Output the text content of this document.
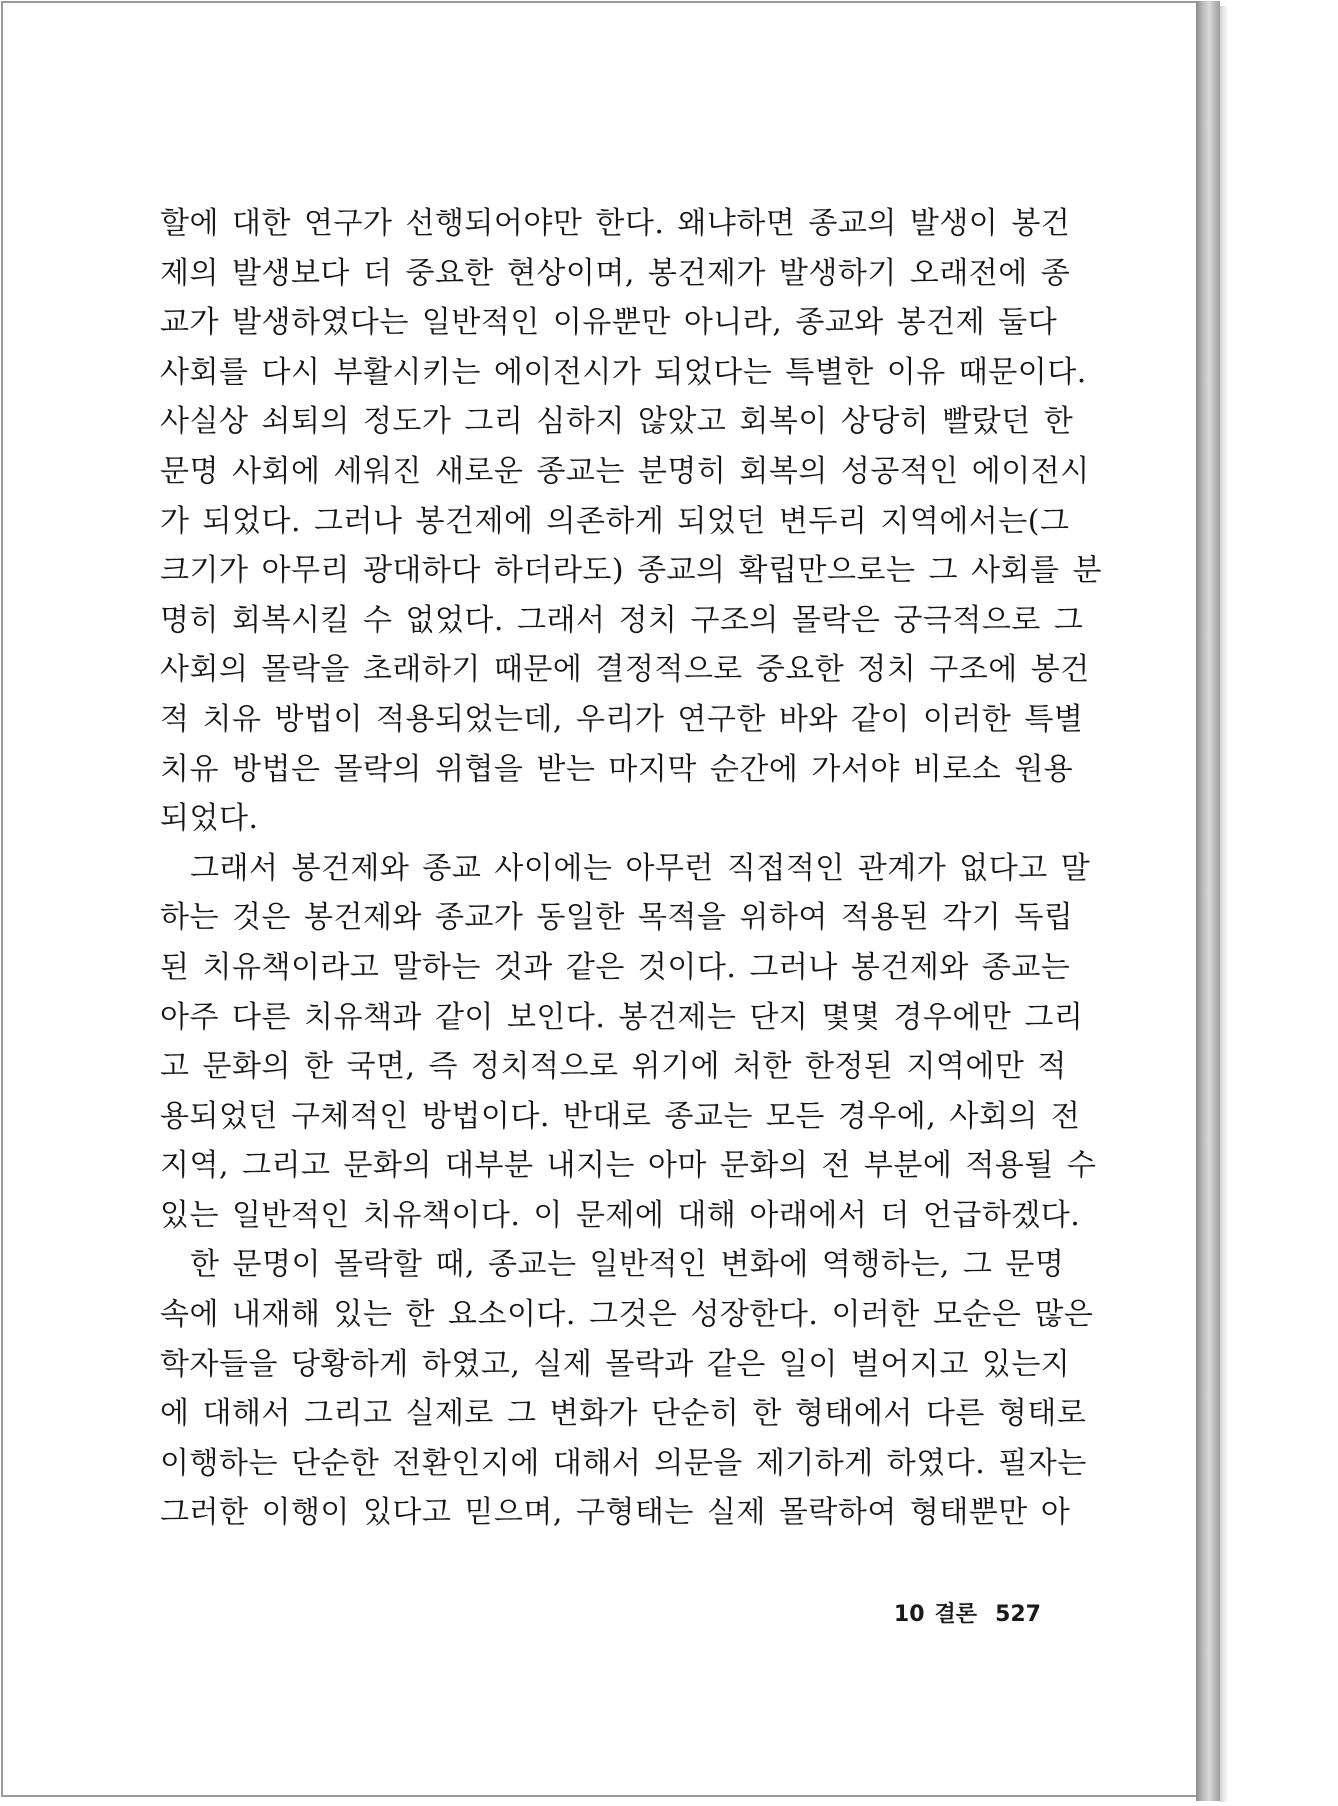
할에 대한 연구가 선행되어야만 한다. 왜냐하면 종교의 발생이 봉건
제의 발생보다 더 중요한 현상이며, 봉건제가 발생하기 오래전에 종
교가 발생하였다는 일반적인 이유뿐만 아니라, 종교와 봉건제 둘다
사회를 다시 부활시키는 에이전시가 되었다는 특별한 이유 때문이다.
사실상 쇠퇴의 정도가 그리 심하지 않았고 회복이 상당히 빨랐던 한
문명 사회에 세워진 새로운 종교는 분명히 회복의 성공적인 에이전시
가 되었다. 그러나 봉건제에 의존하게 되었던 변두리 지역에서는(그
크기가 아무리 광대하다 하더라도) 종교의 확립만으로는 그 사회를 분
명히 회복시킬 수 없었다. 그래서 정치 구조의 몰락은 궁극적으로 그
사회의 몰락을 초래하기 때문에 결정적으로 중요한 정치 구조에 봉건
적 치유 방법이 적용되었는데, 우리가 연구한 바와 같이 이러한 특별
치유 방법은 몰락의 위협을 받는 마지막 순간에 가서야 비로소 원용
되었다.
그래서 봉건제와 종교 사이에는 아무런 직접적인 관계가 없다고 말
하는 것은 봉건제와 종교가 동일한 목적을 위하여 적용된 각기 독립
된 치유책이라고 말하는 것과 같은 것이다. 그러나 봉건제와 종교는
아주 다른 치유책과 같이 보인다. 봉건제는 단지 몇몇 경우에만 그리
고 문화의 한 국면, 즉 정치적으로 위기에 처한 한정된 지역에만 적
용되었던 구체적인 방법이다. 반대로 종교는 모든 경우에, 사회의 전
지역, 그리고 문화의 대부분 내지는 아마 문화의 전 부분에 적용될 수
있는 일반적인 치유책이다. 이 문제에 대해 아래에서 더 언급하겠다.
한 문명이 몰락할 때, 종교는 일반적인 변화에 역행하는, 그 문명
속에 내재해 있는 한 요소이다. 그것은 성장한다. 이러한 모순은 많은
학자들을 당황하게 하였고, 실제 몰락과 같은 일이 벌어지고 있는지
에 대해서 그리고 실제로 그 변화가 단순히 한 형태에서 다른 형태로
이행하는 단순한 전환인지에 대해서 의문을 제기하게 하였다. 필자는
그러한 이행이 있다고 믿으며, 구형태는 실제 몰락하여 형태뿐만 아
10 결론 527
